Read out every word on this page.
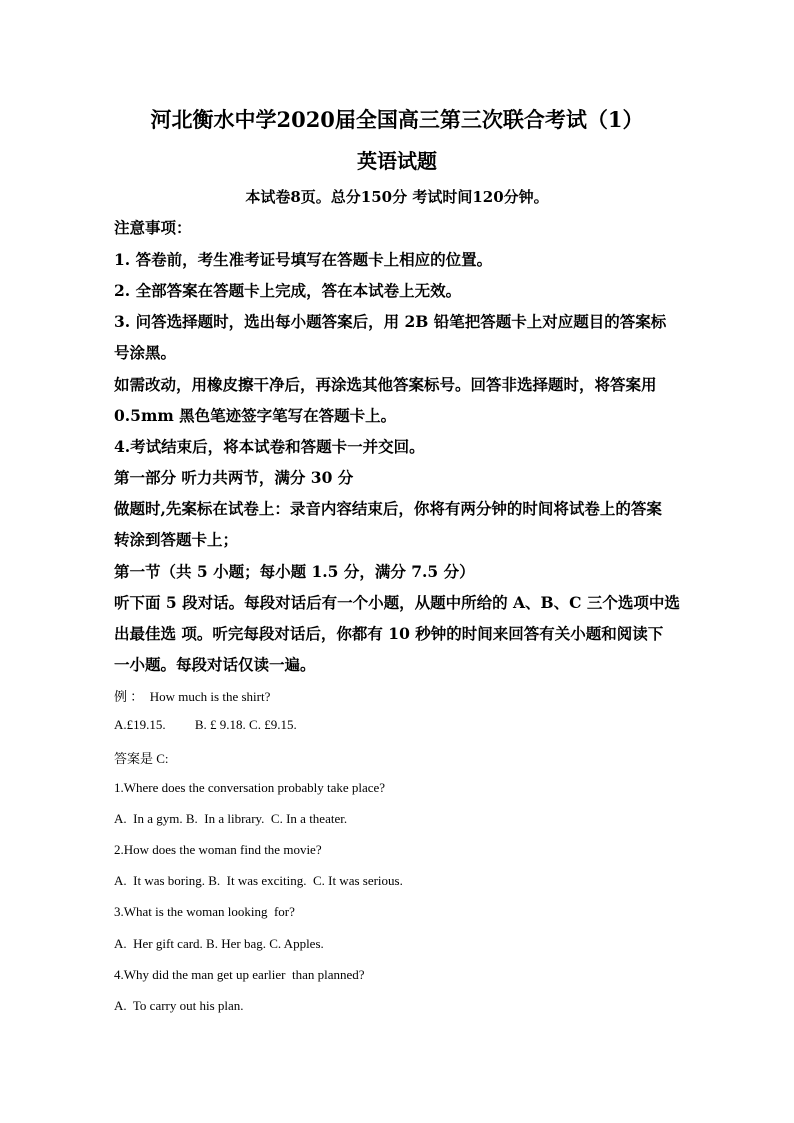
河北衡水中学2020届全国高三第三次联合考试（1）
英语试题
本试卷8页。总分150分 考试时间120分钟。
注意事项：
1. 答卷前，考生准考证号填写在答题卡上相应的位置。
2. 全部答案在答题卡上完成，答在本试卷上无效。
3. 问答选择题时，选出每小题答案后，用 2B 铅笔把答题卡上对应题目的答案标
号涂黑。
如需改动，用橡皮擦干净后，再涂选其他答案标号。回答非选择题时，将答案用
0.5mm 黑色笔迹签字笔写在答题卡上。
4.考试结束后，将本试卷和答题卡一并交回。
第一部分 听力共两节，满分 30 分
做题时,先案标在试卷上：录音内容结束后，你将有两分钟的时间将试卷上的答案
转涂到答题卡上；
第一节（共 5 小题；每小题 1.5 分，满分 7.5 分）
听下面 5 段对话。每段对话后有一个小题，从题中所给的 A、B、C 三个选项中选
出最佳选 项。听完每段对话后，你都有 10 秒钟的时间来回答有关小题和阅读下
一小题。每段对话仅读一遍。
例 ：  How much is the shirt?
A.£19.15.         B. £ 9.18. C. £9.15.
答案是 C:
1.Where does the conversation probably take place?
A.  In a gym. B.  In a library.  C. In a theater.
2.How does the woman find the movie?
A.  It was boring. B.  It was exciting.  C. It was serious.
3.What is the woman looking  for?
A.  Her gift card. B. Her bag. C. Apples.
4.Why did the man get up earlier  than planned?
A.  To carry out his plan.
